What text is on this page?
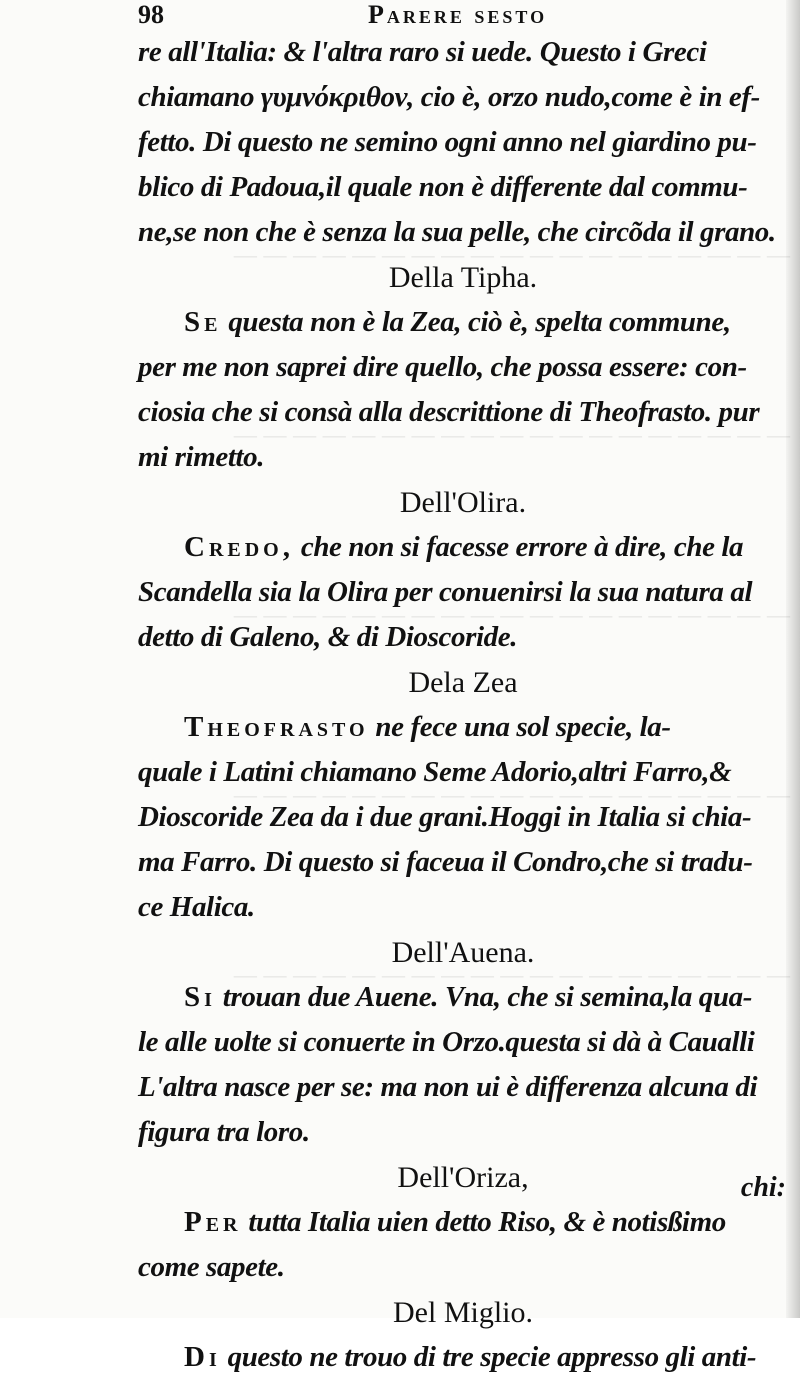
— — — — — — — — — — — — — — — — — — —
— — — — — — — — — — — — — — — — — — —
— — — — — — — — — — — — — — — — — — —
— — — — — — — — — — — — — — — — — — —
— — — — — — — — — — — — — — — — — — —
98	Parere sesto
re all'Italia: & l'altra raro si uede. Questo i Greci
chiamano γυμνόκριθον, cio è, orzo nudo,come è in ef-
fetto. Di questo ne semino ogni anno nel giardino pu-
blico di Padoua,il quale non è differente dal commu-
ne,se non che è senza la sua pelle, che circõda il grano.
Della Tipha.
Se questa non è la Zea, ciò è, spelta commune,
per me non saprei dire quello, che possa essere: con-
ciosia che si consà alla descrittione di Theofrasto. pur
mi rimetto.
Dell'Olira.
Credo, che non si facesse errore à dire, che la
Scandella sia la Olira per conuenirsi la sua natura al
detto di Galeno, & di Dioscoride.
Dela Zea
Theofrasto ne fece una sol specie, la-
quale i Latini chiamano Seme Adorio,altri Farro,&
Dioscoride Zea da i due grani.Hoggi in Italia si chia-
ma Farro. Di questo si faceua il Condro,che si tradu-
ce Halica.
Dell'Auena.
Si trouan due Auene. Vna, che si semina,la qua-
le alle uolte si conuerte in Orzo.questa si dà à Caualli
L'altra nasce per se: ma non ui è differenza alcuna di
figura tra loro.
Dell'Oriza,
Per tutta Italia uien detto Riso, & è notisßimo
come sapete.
Del Miglio.
Di questo ne trouo di tre specie appresso gli anti-
chi:
